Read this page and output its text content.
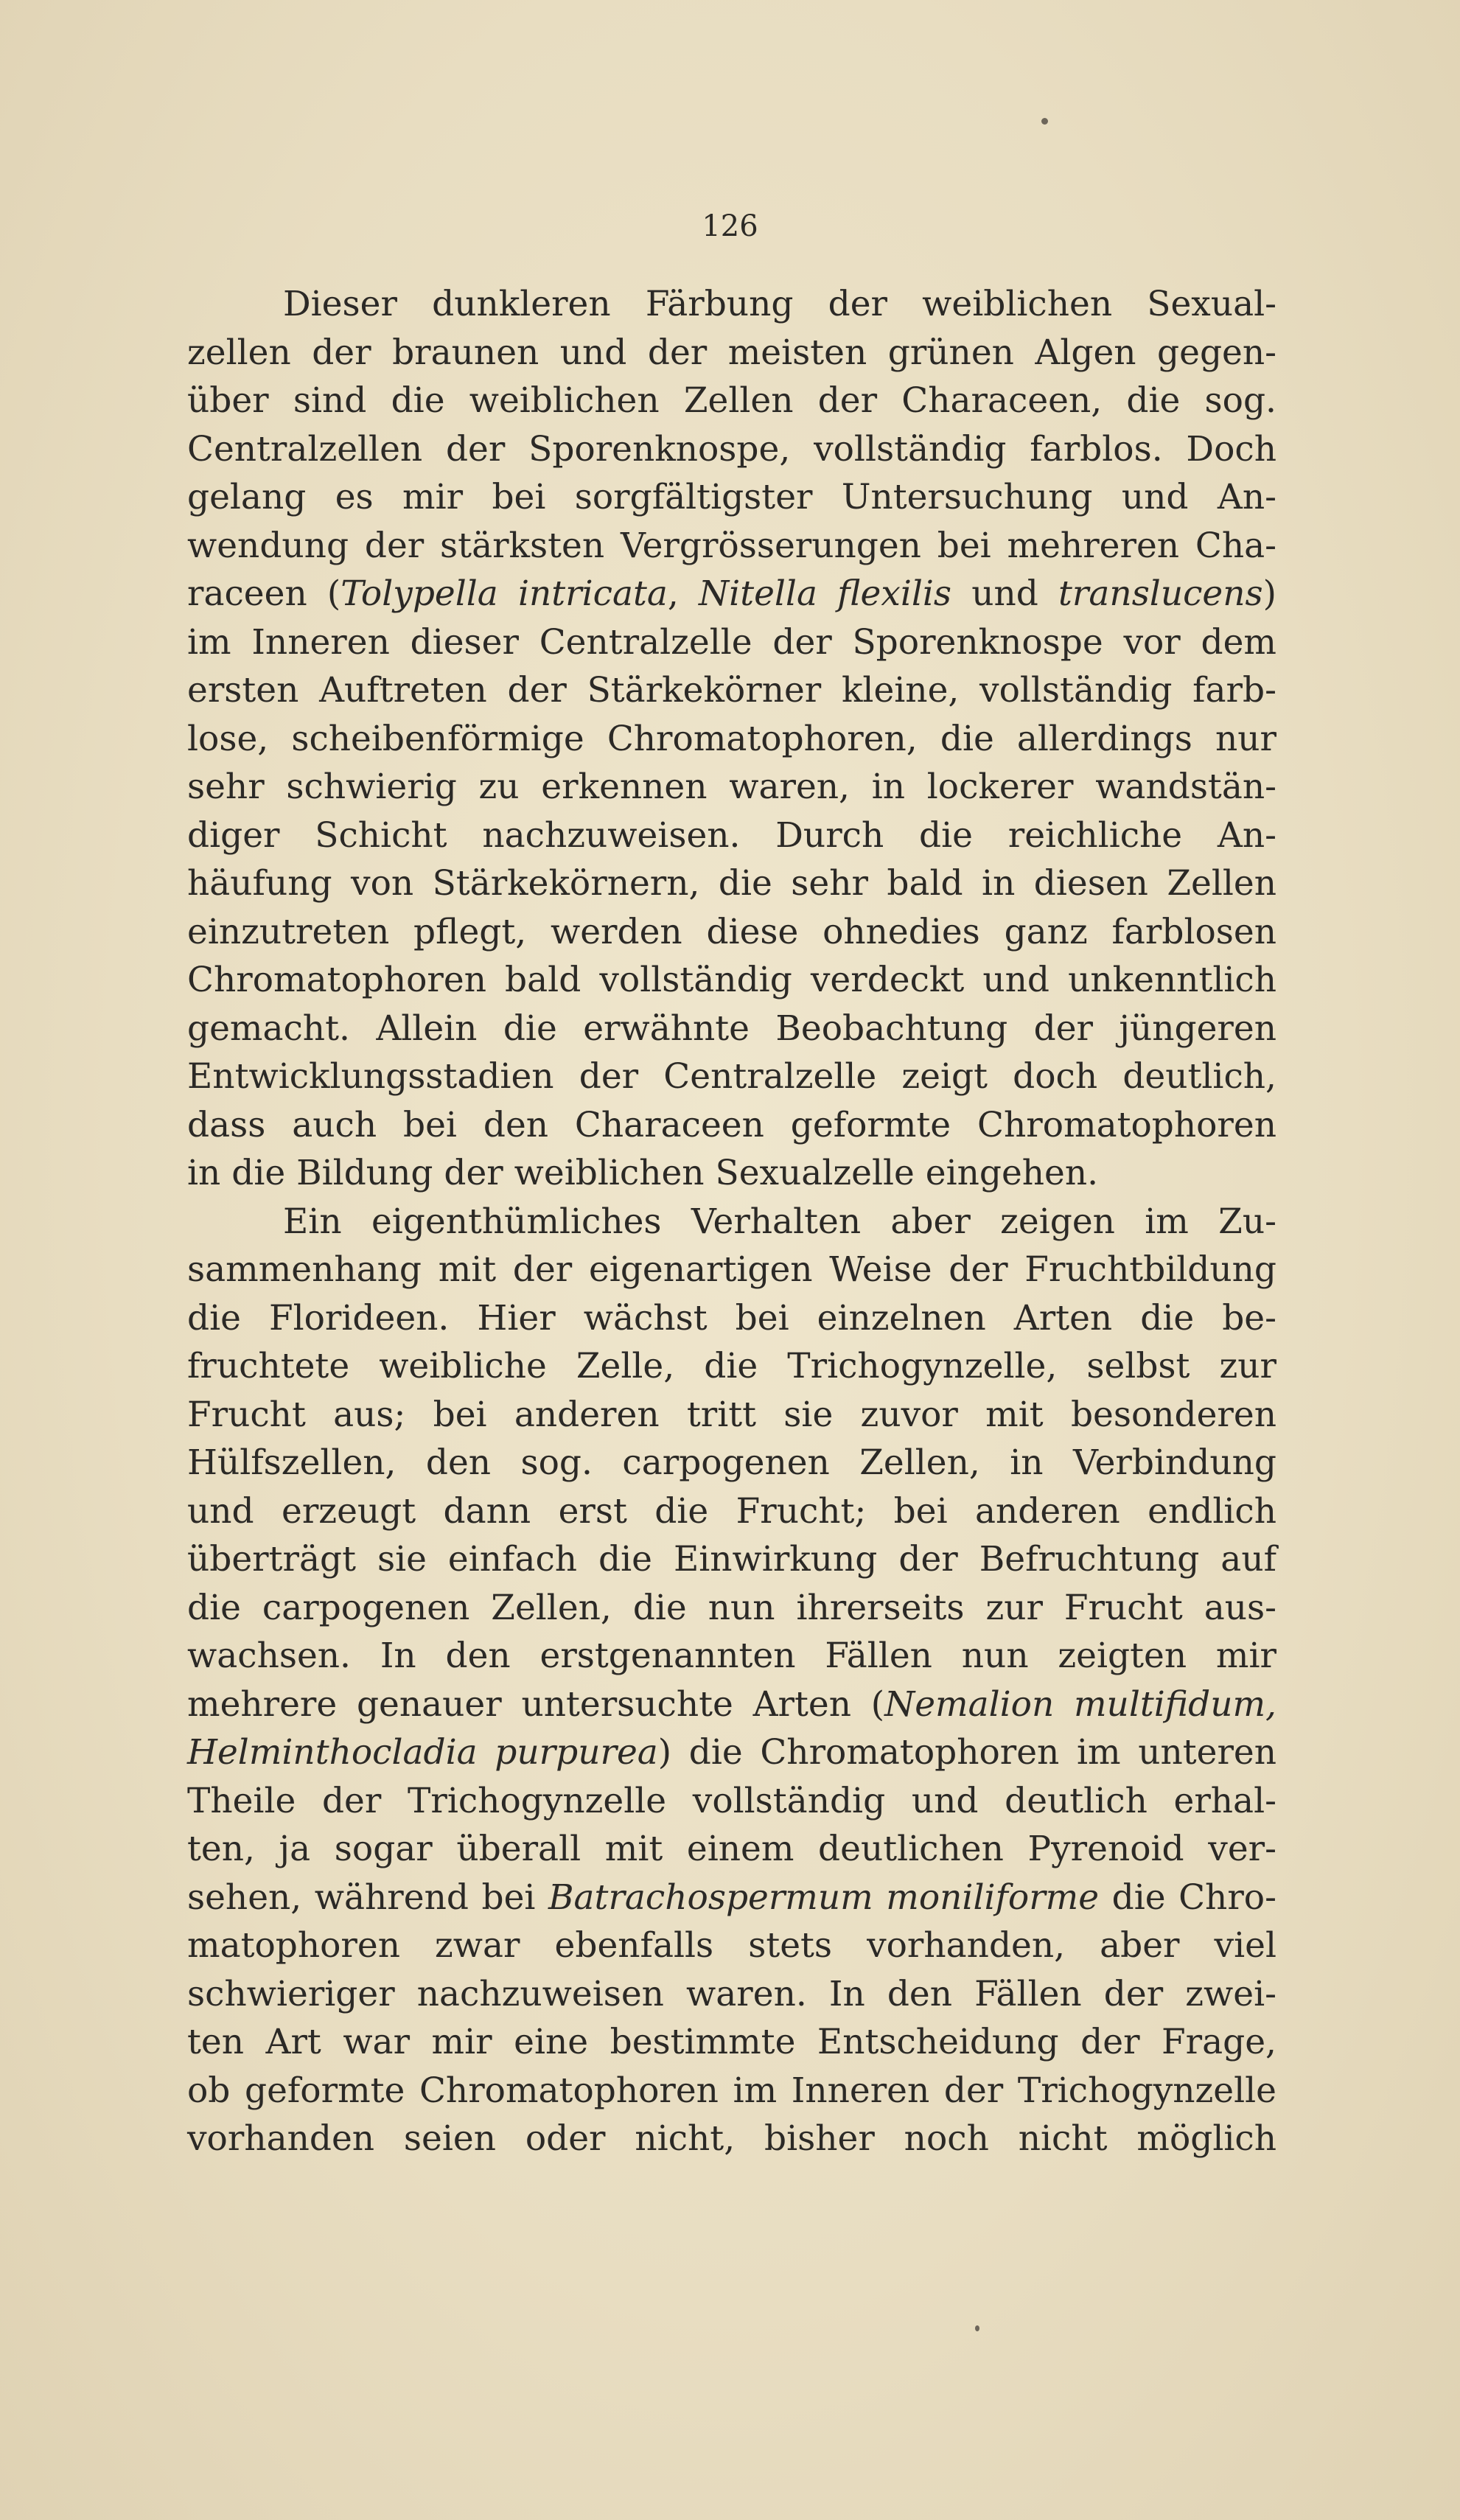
126
Dieser dunkleren Färbung der weiblichen Sexual-
zellen der braunen und der meisten grünen Algen gegen-
über sind die weiblichen Zellen der Characeen, die sog.
Centralzellen der Sporenknospe, vollständig farblos. Doch
gelang es mir bei sorgfältigster Untersuchung und An-
wendung der stärksten Vergrösserungen bei mehreren Cha-
raceen (Tolypella intricata, Nitella flexilis und translucens)
im Inneren dieser Centralzelle der Sporenknospe vor dem
ersten Auftreten der Stärkekörner kleine, vollständig farb-
lose, scheibenförmige Chromatophoren, die allerdings nur
sehr schwierig zu erkennen waren, in lockerer wandstän-
diger Schicht nachzuweisen. Durch die reichliche An-
häufung von Stärkekörnern, die sehr bald in diesen Zellen
einzutreten pflegt, werden diese ohnedies ganz farblosen
Chromatophoren bald vollständig verdeckt und unkenntlich
gemacht. Allein die erwähnte Beobachtung der jüngeren
Entwicklungsstadien der Centralzelle zeigt doch deutlich,
dass auch bei den Characeen geformte Chromatophoren
in die Bildung der weiblichen Sexualzelle eingehen.
Ein eigenthümliches Verhalten aber zeigen im Zu-
sammenhang mit der eigenartigen Weise der Fruchtbildung
die Florideen. Hier wächst bei einzelnen Arten die be-
fruchtete weibliche Zelle, die Trichogynzelle, selbst zur
Frucht aus; bei anderen tritt sie zuvor mit besonderen
Hülfszellen, den sog. carpogenen Zellen, in Verbindung
und erzeugt dann erst die Frucht; bei anderen endlich
überträgt sie einfach die Einwirkung der Befruchtung auf
die carpogenen Zellen, die nun ihrerseits zur Frucht aus-
wachsen. In den erstgenannten Fällen nun zeigten mir
mehrere genauer untersuchte Arten (Nemalion multifidum,
Helminthocladia purpurea) die Chromatophoren im unteren
Theile der Trichogynzelle vollständig und deutlich erhal-
ten, ja sogar überall mit einem deutlichen Pyrenoid ver-
sehen, während bei Batrachospermum moniliforme die Chro-
matophoren zwar ebenfalls stets vorhanden, aber viel
schwieriger nachzuweisen waren. In den Fällen der zwei-
ten Art war mir eine bestimmte Entscheidung der Frage,
ob geformte Chromatophoren im Inneren der Trichogynzelle
vorhanden seien oder nicht, bisher noch nicht möglich
